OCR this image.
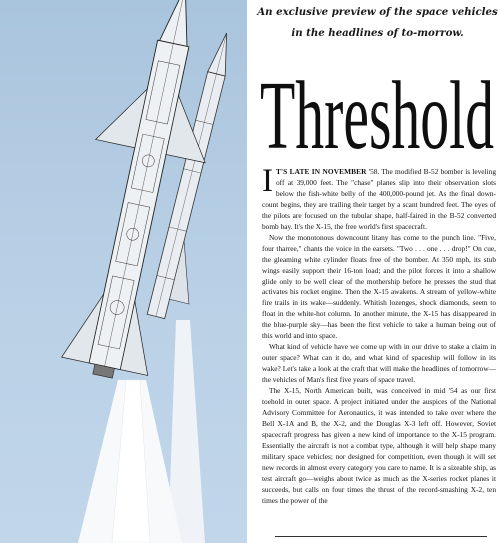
An exclusive preview of the space vehicles in the headlines of to-morrow.
Threshold

I T'S LATE IN NOVEMBER '58. The modified B-52 bomber is leveling off at 39,000 feet. The "chase" planes slip into their observation slots below the fish-white belly of the 400,000-pound jet. As the final down-count begins, they are trailing their target by a scant hundred feet. The eyes of the pilots are focused on the tubular shape, half-faired in the B-52 converted bomb bay. It's the X-15, the free world's first spacecraft.

Now the monotonous downcount litany has come to the punch line. "Five, four tharree," chants the voice in the earsets. "Two . . . one . . . drop!" On cue, the gleaming white cylinder floats free of the bomber. At 350 mph, its stub wings easily support their 16-ton load; and the pilot forces it into a shallow glide only to be well clear of the mothership before he presses the stud that activates his rocket engine. Then the X-15 awakens. A stream of yellow-white fire trails in its wake—suddenly. Whitish lozenges, shock diamonds, seem to float in the white-hot column. In another minute, the X-15 has disappeared in the blue-purple sky—has been the first vehicle to take a human being out of this world and into space.

What kind of vehicle have we come up with in our drive to stake a claim in outer space? What can it do, and what kind of spaceship will follow in its wake? Let's take a look at the craft that will make the headlines of tomorrow—the vehicles of Man's first five years of space travel.

The X-15, North American built, was conceived in mid '54 as our first toehold in outer space. A project initiated under the auspices of the National Advisory Committee for Aeronautics, it was intended to take over where the Bell X-1A and B, the X-2, and the Douglas X-3 left off. However, Soviet spacecraft progress has given a new kind of importance to the X-15 program. Essentially the aircraft is not a combat type, although it will help shape many military space vehicles; nor designed for competition, even though it will set new records in almost every category you care to name. It is a sizeable ship, as test aircraft go—weighs about twice as much as the X-series rocket planes it succeeds, but calls on four times the thrust of the record-smashing X-2, ten times the power of the
